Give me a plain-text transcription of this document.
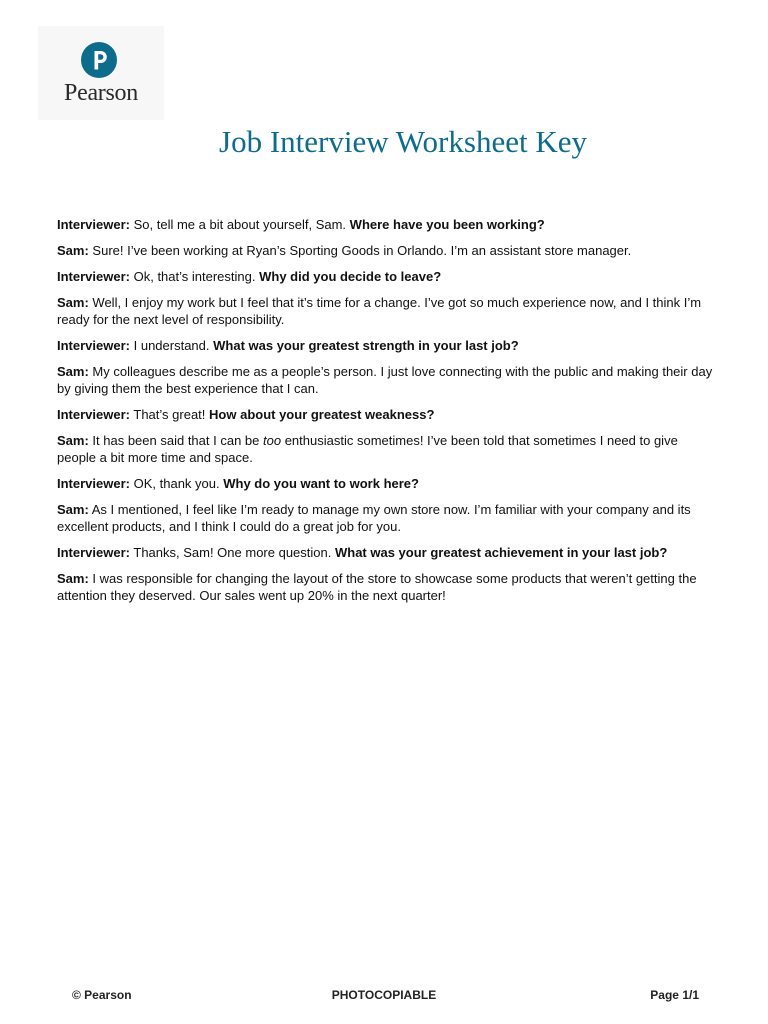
Pearson
Job Interview Worksheet Key

Interviewer: So, tell me a bit about yourself, Sam. Where have you been working?

Sam: Sure! I’ve been working at Ryan’s Sporting Goods in Orlando. I’m an assistant store manager.

Interviewer: Ok, that’s interesting. Why did you decide to leave?

Sam: Well, I enjoy my work but I feel that it’s time for a change. I’ve got so much experience now, and I think I’m ready for the next level of responsibility.

Interviewer: I understand. What was your greatest strength in your last job?

Sam: My colleagues describe me as a people’s person. I just love connecting with the public and making their day by giving them the best experience that I can.

Interviewer: That’s great! How about your greatest weakness?

Sam: It has been said that I can be too enthusiastic sometimes! I’ve been told that sometimes I need to give people a bit more time and space.

Interviewer: OK, thank you. Why do you want to work here?

Sam: As I mentioned, I feel like I’m ready to manage my own store now. I’m familiar with your company and its excellent products, and I think I could do a great job for you.

Interviewer: Thanks, Sam! One more question. What was your greatest achievement in your last job?

Sam: I was responsible for changing the layout of the store to showcase some products that weren’t getting the attention they deserved. Our sales went up 20% in the next quarter!

© Pearson	PHOTOCOPIABLE	Page 1/1
